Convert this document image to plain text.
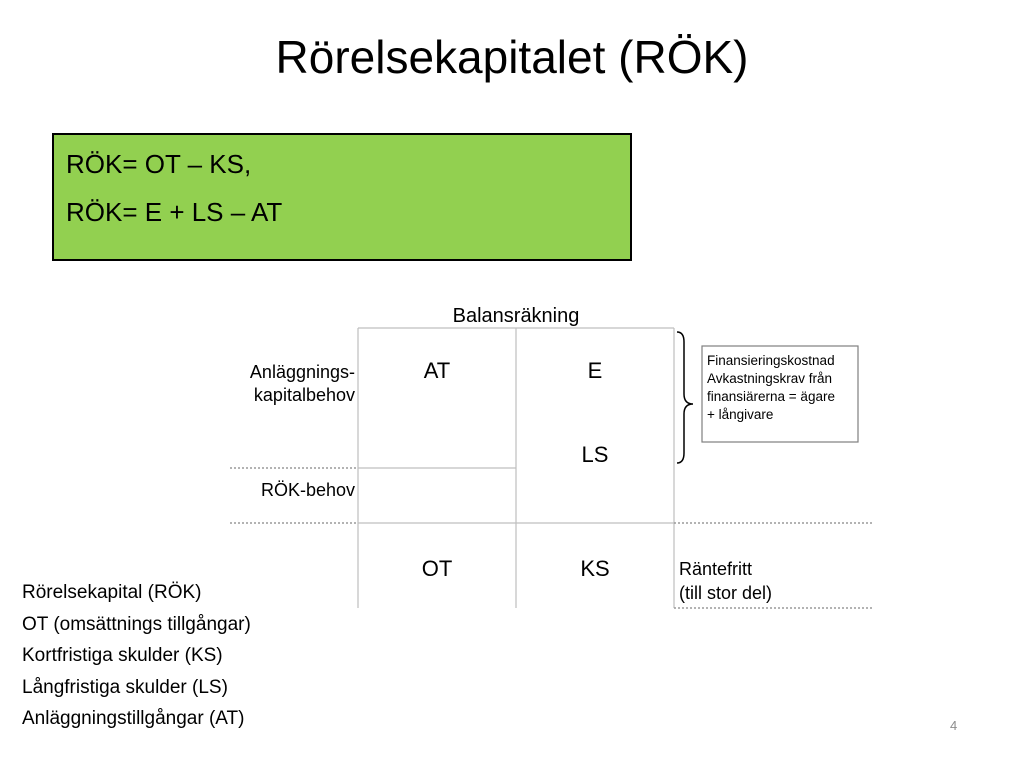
Rörelsekapitalet (RÖK)
RÖK= OT – KS,
RÖK= E + LS – AT
Balansräkning
Anläggnings-
kapitalbehov
RÖK-behov
AT	E
LS
OT	KS
Finansieringskostnad
Avkastningskrav från
finansiärerna = ägare
+ långivare
Räntefritt
(till stor del)
Rörelsekapital (RÖK)
OT (omsättnings tillgångar)
Kortfristiga skulder (KS)
Långfristiga skulder (LS)
Anläggningstillgångar (AT)	4
